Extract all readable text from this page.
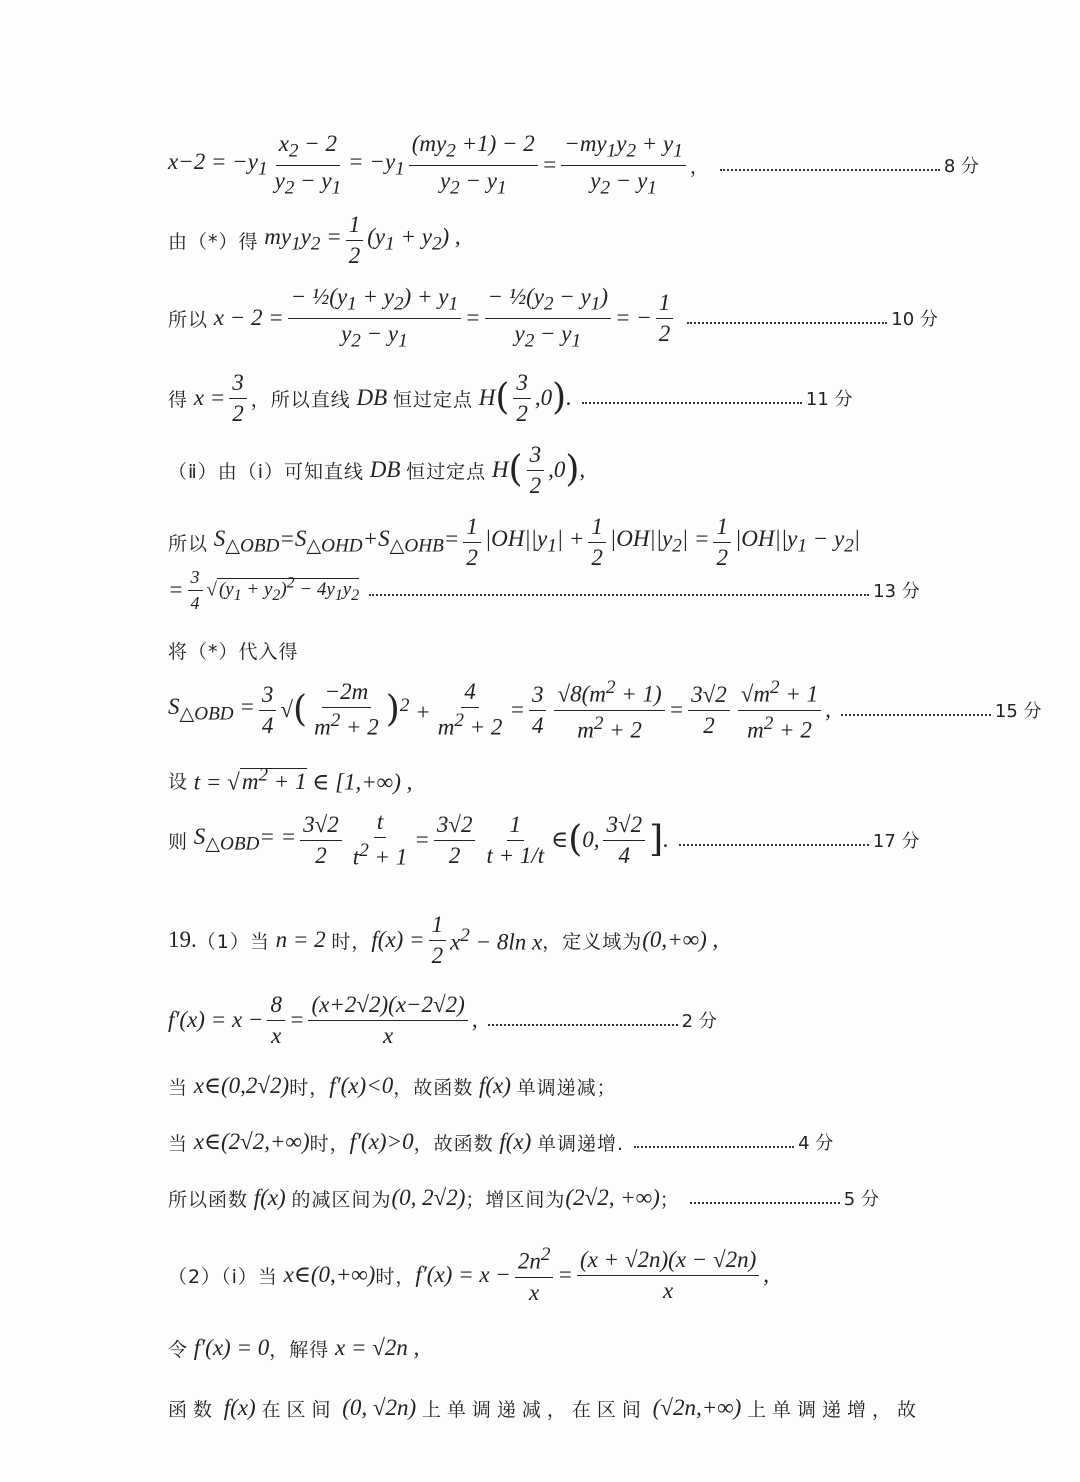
$x-2 = -y_1 \frac{x_2 - 2}{y_2 - y_1} = -y_1 \frac{(my_2 +1) - 2}{y_2 - y_1} = \frac{-my_1y_2 + y_1}{y_2 - y_1}$ ，	8 分
由（*）得 $my_1y_2 = \frac{1}{2} (y_1 + y_2)$ ,
所以 $x - 2 = \frac{- \frac{1}{2}(y_1 + y_2) + y_1}{y_2 - y_1} = \frac{- \frac{1}{2}(y_2 - y_1)}{y_2 - y_1}$ = − $\frac{1}{2}$	10 分
得 $x = \frac{3}{2}$ ，所以直线 DB 恒过定点 H ( $\frac{3}{2} ,0$ ) .	11 分
（ⅱ）由（ⅰ）可知直线 DB 恒过定点 H ( $\frac{3}{2} ,0$ ) ,
所以 $S_{\triangle OBD}=S_{\triangle OHD}+S_{\triangle OHB}= \frac{1}{2} |OH||y_1| + \frac{1}{2} |OH||y_2| = \frac{1}{2} |OH||y_1 - y_2|$
= $\frac{3}{4}$ √ $(y_1 + y_2)^2 - 4y_1y_2$	13 分
将（*）代入得
$S_{\triangle OBD} = \frac{3}{4}$ √ ( $\frac{-2m}{m^2 + 2}$ ) $^2 + \frac{4}{m^2 + 2} = \frac{3}{4} \frac{√8(m^2 + 1)}{m^2 + 2} = \frac{3√2}{2} \frac{√m^2 + 1}{m^2 + 2}$ ,	15 分
设 $t = √m^2 + 1$ ∈ [1,+∞) ,
则 $S_{\triangle OBD}= = \frac{3√2}{2} \frac{t}{t^2 + 1} = \frac{3√2}{2} \frac{1}{t + 1/t}$ ∈ ( 0, $\frac{3√2}{4}$ ] .	17 分
19. （1）当 n = 2 时， $f(x) = \frac{1}{2} x^2 - 8\ln$ x ，定义域为 (0,+∞) ,
$f'(x) = x - \frac{8}{x} = \frac{(x+2√2)(x-2√2)}{x}$ ,	2 分
当 x∈(0,2√2) 时， f′(x)<0 ，故函数 f(x) 单调递减；
当 x∈(2√2,+∞) 时， f′(x)>0 ，故函数 f(x) 单调递增.	4 分
所以函数 f(x) 的减区间为 (0, 2√2) ；增区间为 (2√2, +∞) ；	5 分
（2）（ⅰ）当 x∈(0,+∞) 时， $f'(x) = x - \frac{2n^2}{x} = \frac{(x + √2n)(x - √2n)}{x}$ ,
令 f′(x) = 0 ，解得 x = √2n ,
函数 f(x) 在区间 (0, √2n) 上单调递减，在区间 (√2n,+∞) 上单调递增，故
